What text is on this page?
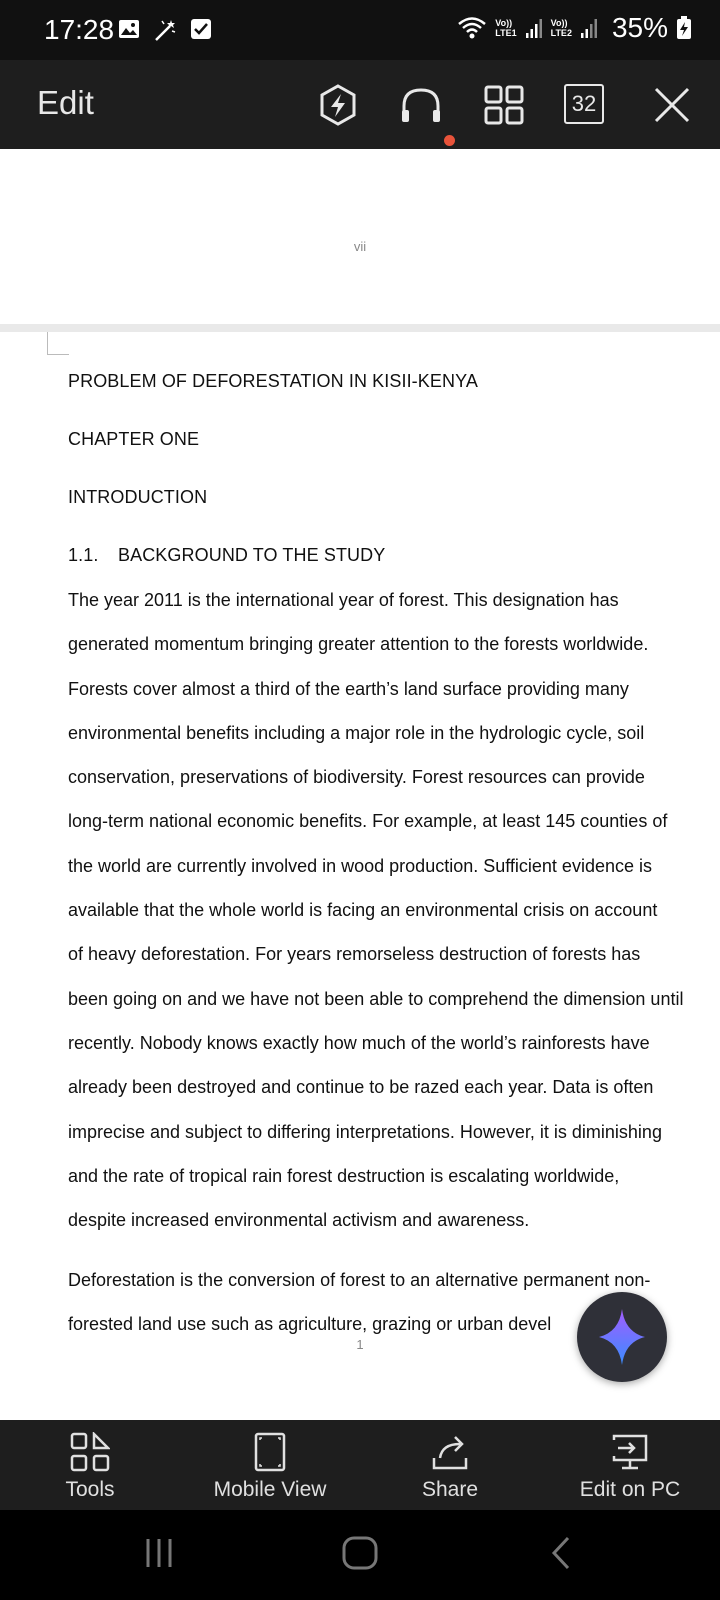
17:28	Vo))
LTE1
Vo))
LTE2 35%
Edit	32
vii
PROBLEM OF DEFORESTATION IN KISII-KENYA
CHAPTER ONE
INTRODUCTION
1.1. BACKGROUND TO THE STUDY
The year 2011 is the international year of forest. This designation has
generated momentum bringing greater attention to the forests worldwide.
Forests cover almost a third of the earth’s land surface providing many
environmental benefits including a major role in the hydrologic cycle, soil
conservation, preservations of biodiversity. Forest resources can provide
long-term national economic benefits. For example, at least 145 counties of
the world are currently involved in wood production. Sufficient evidence is
available that the whole world is facing an environmental crisis on account
of heavy deforestation. For years remorseless destruction of forests has
been going on and we have not been able to comprehend the dimension until
recently. Nobody knows exactly how much of the world’s rainforests have
already been destroyed and continue to be razed each year. Data is often
imprecise and subject to differing interpretations. However, it is diminishing
and the rate of tropical rain forest destruction is escalating worldwide,
despite increased environmental activism and awareness.
Deforestation is the conversion of forest to an alternative permanent non-
forested land use such as agriculture, grazing or urban devel
1
Tools	Mobile View	Share	Edit on PC
